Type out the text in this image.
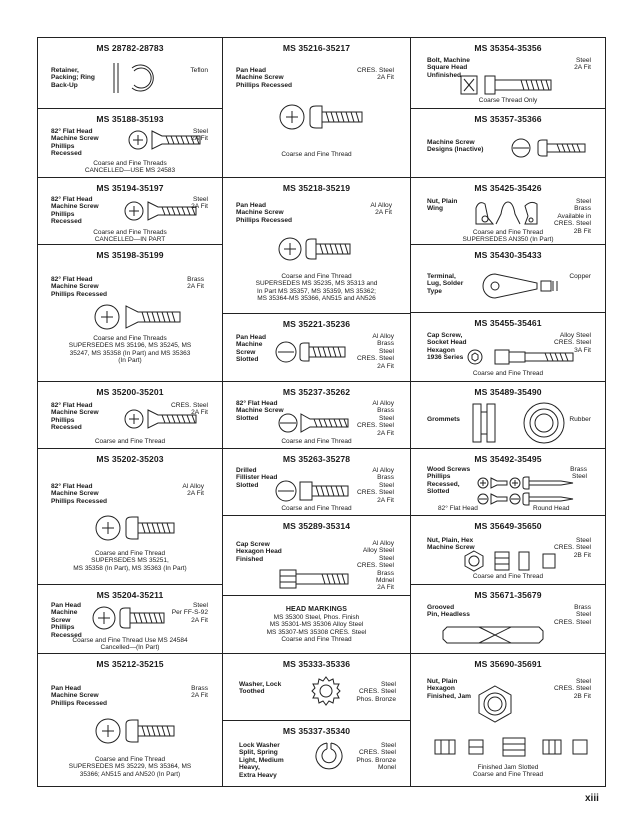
MS 28782-28783
Retainer,
Packing; Ring
Back-Up
Teflon
MS 35188-35193
82° Flat Head
Machine Screw
Phillips
Recessed
Steel
2A Fit
Coarse and Fine Threads
CANCELLED—USE MS 24583
MS 35194-35197
82° Flat Head
Machine Screw
Phillips
Recessed
Steel
2A Fit
Coarse and Fine Threads
CANCELLED—IN PART
MS 35198-35199
82° Flat Head
Machine Screw
Phillips Recessed
Brass
2A Fit
Coarse and Fine Threads
SUPERSEDES MS 35196, MS 35245, MS
35247, MS 35358 (In Part) and MS 35363
(In Part)
MS 35200-35201
82° Flat Head
Machine Screw
Phillips
Recessed
CRES. Steel
2A Fit
Coarse and Fine Thread
MS 35202-35203
82° Flat Head
Machine Screw
Phillips Recessed
Al Alloy
2A Fit
Coarse and Fine Thread
SUPERSEDES MS 35251,
MS 35358 (In Part), MS 35363 (In Part)
MS 35204-35211
Pan Head
Machine
Screw
Phillips
Recessed
Steel
Per FF-S-92
2A Fit
Coarse and Fine Thread Use MS 24584
Cancelled—(In Part)
MS 35212-35215
Pan Head
Machine Screw
Phillips Recessed
Brass
2A Fit
Coarse and Fine Thread
SUPERSEDES MS 35229, MS 35364, MS
35366; AN515 and AN520 (In Part)
MS 35216-35217
Pan Head
Machine Screw
Phillips Recessed
CRES. Steel
2A Fit
Coarse and Fine Thread
MS 35218-35219
Pan Head
Machine Screw
Phillips Recessed
Al Alloy
2A Fit
Coarse and Fine Thread
SUPERSEDES MS 35235, MS 35313 and
In Part MS 35357, MS 35359, MS 35362;
MS 35364-MS 35366, AN515 and AN526
MS 35221-35236
Pan Head
Machine
Screw
Slotted
Al Alloy
Brass
Steel
CRES. Steel
2A Fit
MS 35237-35262
82° Flat Head
Machine Screw
Slotted
Al Alloy
Brass
Steel
CRES. Steel
2A Fit
Coarse and Fine Thread
MS 35263-35278
Drilled
Fillister Head
Slotted
Al Alloy
Brass
Steel
CRES. Steel
2A Fit
Coarse and Fine Thread
MS 35289-35314
Cap Screw
Hexagon Head
Finished
Al Alloy
Alloy Steel
Steel
CRES. Steel
Brass
Mdnel
2A Fit
HEAD MARKINGS
MS 35300 Steel, Phos. Finish
MS 35301-MS 35306 Alloy Steel
MS 35307-MS 35308 CRES. Steel
Coarse and Fine Thread
MS 35333-35336
Washer, Lock
Toothed
Steel
CRES. Steel
Phos. Bronze
MS 35337-35340
Lock Washer
Split, Spring
Light, Medium
Heavy,
Extra Heavy
Steel
CRES. Steel
Phos. Bronze
Monel
MS 35354-35356
Bolt, Machine
Square Head
Unfinished
Steel
2A Fit
Coarse Thread Only
MS 35357-35366
Machine Screw
Designs (Inactive)
MS 35425-35426
Nut, Plain
Wing
Steel
Brass
Available in
CRES. Steel
2B Fit
Coarse and Fine Thread
SUPERSEDES AN350 (In Part)
MS 35430-35433
Terminal,
Lug, Solder
Type
Copper
MS 35455-35461
Cap Screw,
Socket Head
Hexagon
1936 Series
Alloy Steel
CRES. Steel
3A Fit
Coarse and Fine Thread
MS 35489-35490
Grommets	Rubber
MS 35492-35495
Wood Screws
Phillips
Recessed,
Slotted
Brass
Steel
82° Flat Head	Round Head
MS 35649-35650
Nut, Plain, Hex
Machine Screw
Steel
CRES. Steel
2B Fit
Coarse and Fine Thread
MS 35671-35679
Grooved
Pin, Headless
Brass
Steel
CRES. Steel
MS 35690-35691
Nut, Plain
Hexagon
Finished, Jam
Steel
CRES. Steel
2B Fit
Finished Jam Slotted
Coarse and Fine Thread
xiii
